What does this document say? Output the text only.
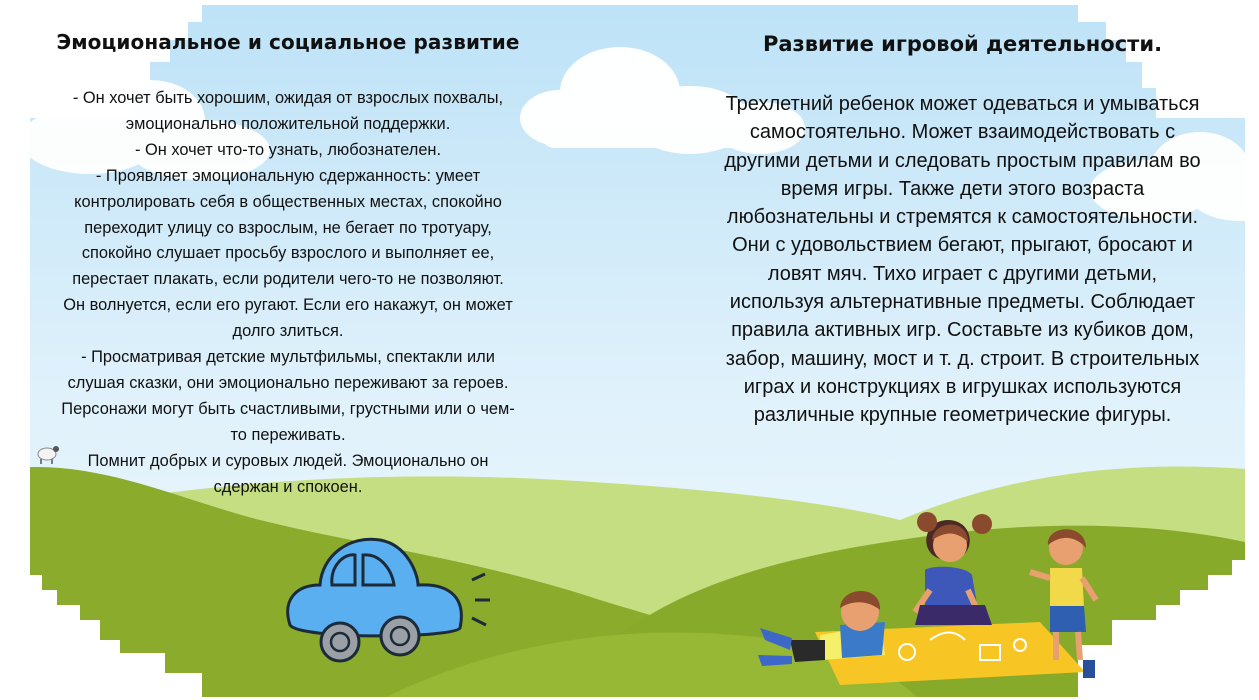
Эмоциональное и социальное развитие
- Он хочет быть хорошим, ожидая от взрослых похвалы,
эмоционально положительной поддержки.
- Он хочет что-то узнать, любознателен.
- Проявляет эмоциональную сдержанность: умеет
контролировать себя в общественных местах, спокойно
переходит улицу со взрослым, не бегает по тротуару,
спокойно слушает просьбу взрослого и выполняет ее,
перестает плакать, если родители чего-то не позволяют.
Он волнуется, если его ругают. Если его накажут, он может
долго злиться.
- Просматривая детские мультфильмы, спектакли или
слушая сказки, они эмоционально переживают за героев.
Персонажи могут быть счастливыми, грустными или о чем-
то переживать.
Помнит добрых и суровых людей. Эмоционально он
сдержан и спокоен.
Развитие игровой деятельности.
Трехлетний ребенок может одеваться и умываться
самостоятельно. Может взаимодействовать с
другими детьми и следовать простым правилам во
время игры. Также дети этого возраста
любознательны и стремятся к самостоятельности.
Они с удовольствием бегают, прыгают, бросают и
ловят мяч. Тихо играет с другими детьми,
используя альтернативные предметы. Соблюдает
правила активных игр. Составьте из кубиков дом,
забор, машину, мост и т. д. строит. В строительных
играх и конструкциях в игрушках используются
различные крупные геометрические фигуры.
